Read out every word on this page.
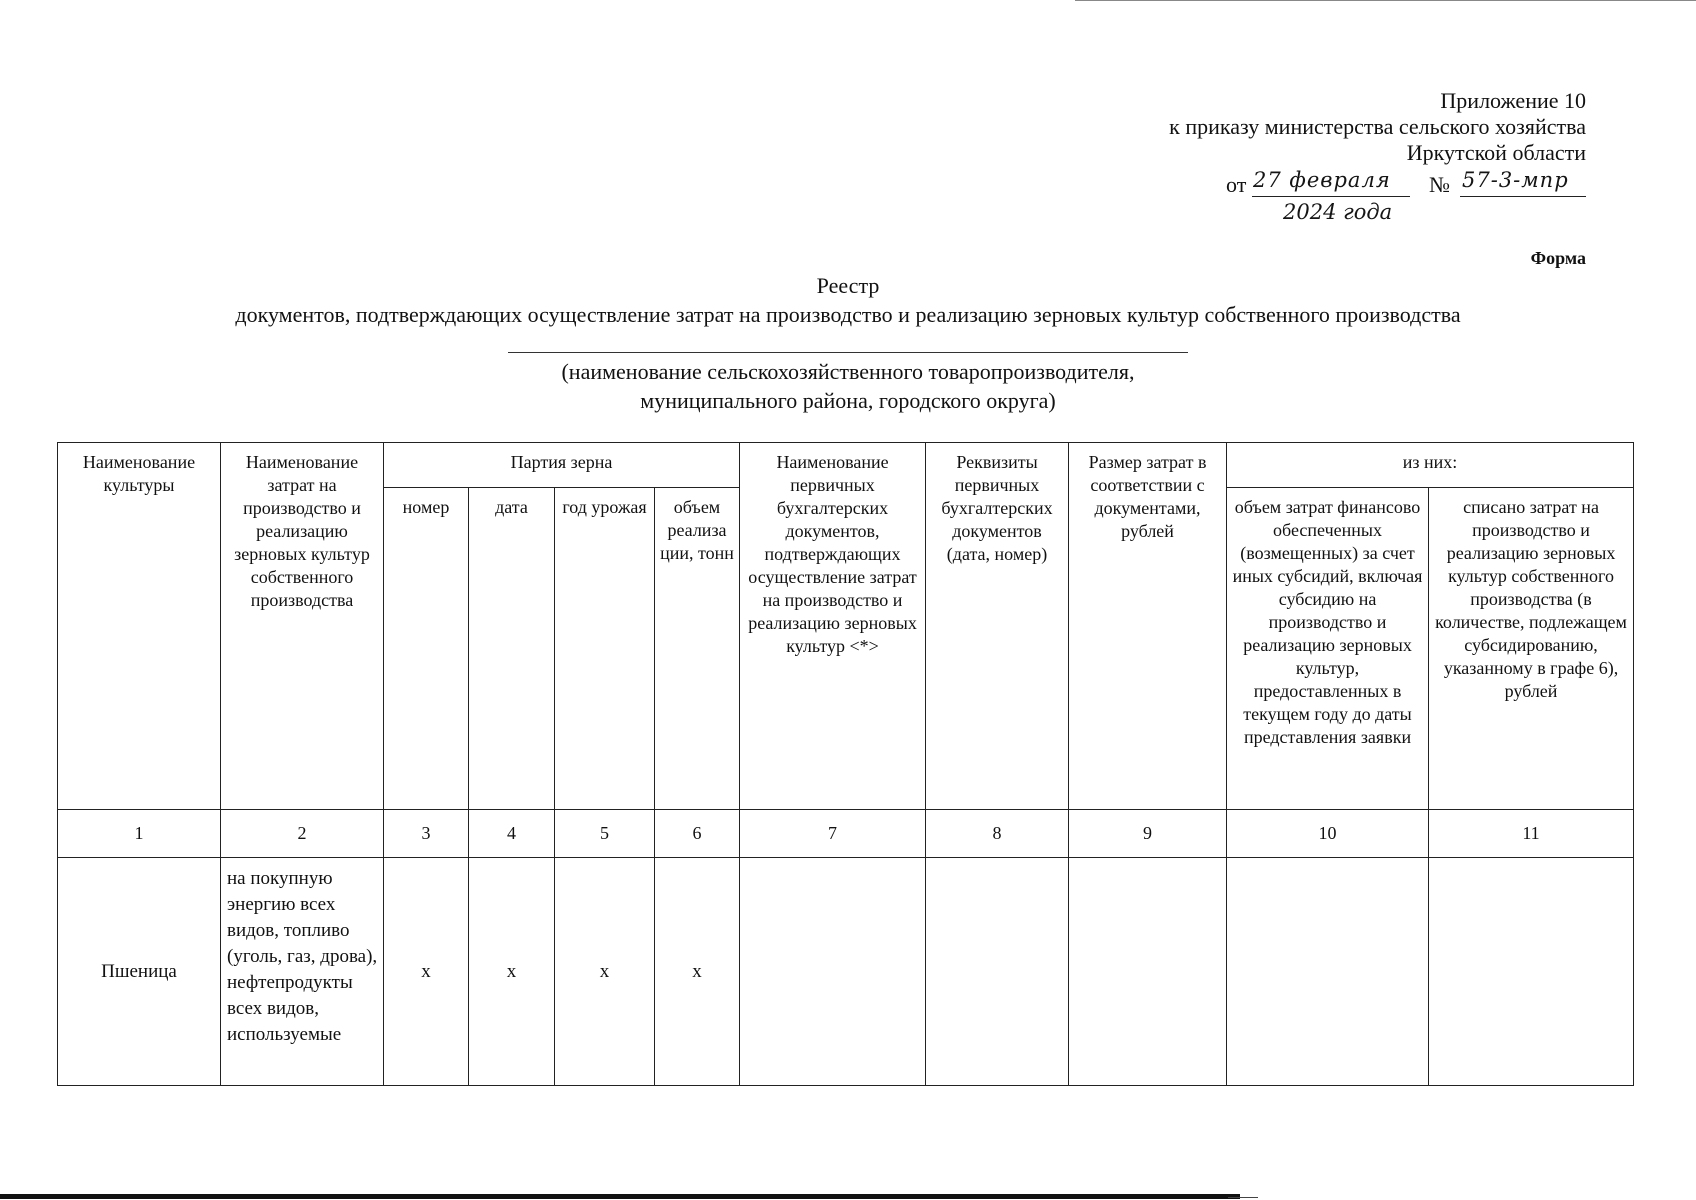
Приложение 10
к приказу министерства сельского хозяйства
Иркутской области
от 27 февраля № 57-3-мпр
2024 года
Форма
Реестр
документов, подтверждающих осуществление затрат на производство и реализацию зерновых культур собственного производства
(наименование сельскохозяйственного товаропроизводителя,
муниципального района, городского округа)
Наименование культуры	Наименование затрат на производство и реализацию зерновых культур собственного производства	Партия зерна				Наименование первичных бухгалтерских документов, подтверждающих осуществление затрат на производство и реализацию зерновых культур <*>	Реквизиты первичных бухгалтерских документов (дата, номер)	Размер затрат в соответствии с документами, рублей	из них:	
		номер	дата	год урожая	объем реализа ции, тонн				объем затрат финансово обеспеченных (возмещенных) за счет иных субсидий, включая субсидию на производство и реализацию зерновых культур, предоставленных в текущем году до даты представления заявки	списано затрат на производство и реализацию зерновых культур собственного производства (в количестве, подлежащем субсидированию, указанному в графе 6), рублей
1	2	3	4	5	6	7	8	9	10	11
Пшеница	на покупную энергию всех видов, топливо (уголь, газ, дрова), нефтепродукты всех видов, используемые	х	х	х	х					
